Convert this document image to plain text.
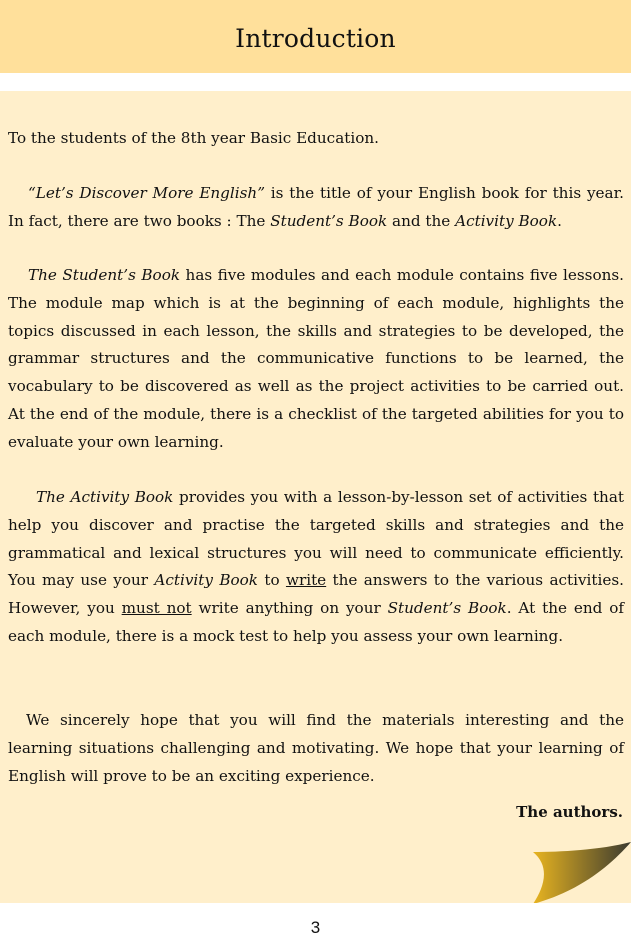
Introduction

To the students of the 8th year Basic Education.

“Let’s Discover More English” is the title of your English book for this year. In fact, there are two books : The Student’s Book and the Activity Book.

The Student’s Book has five modules and each module contains five lessons. The module map which is at the beginning of each module, highlights the topics discussed in each lesson, the skills and strategies to be developed, the grammar structures and the communicative functions to be learned, the vocabulary to be discovered as well as the project activities to be carried out. At the end of the module, there is a checklist of the targeted abilities for you to evaluate your own learning.

The Activity Book provides you with a lesson-by-lesson set of activities that help you discover and practise the targeted skills and strategies and the grammatical and lexical structures you will need to communicate efficiently. You may use your Activity Book to write the answers to the various activities. However, you must not write anything on your Student’s Book. At the end of each module, there is a mock test to help you assess your own learning.

We sincerely hope that you will find the materials interesting and the learning situations challenging and motivating. We hope that your learning of English will prove to be an exciting experience.

The authors.
3
